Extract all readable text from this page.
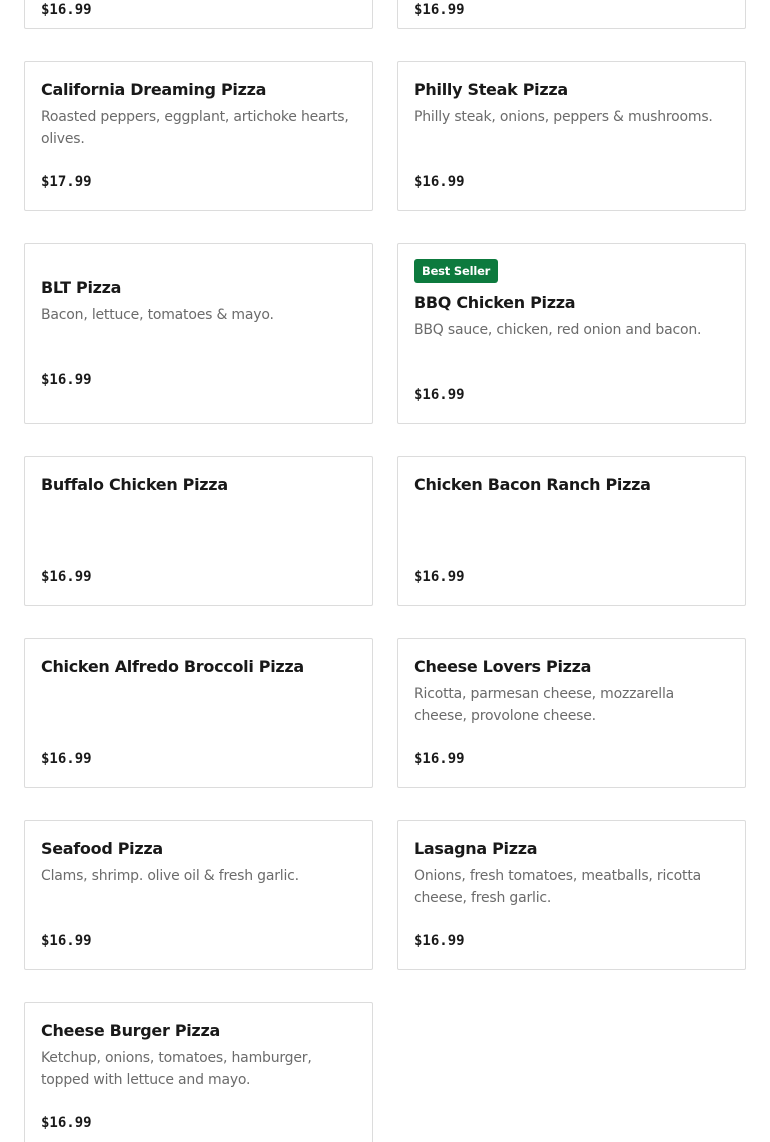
$16.99	$16.99
California Dreaming Pizza

Roasted peppers, eggplant, artichoke hearts, olives.

$17.99
Philly Steak Pizza

Philly steak, onions, peppers & mushrooms.

$16.99
BLT Pizza

Bacon, lettuce, tomatoes & mayo.

$16.99
Best Seller
BBQ Chicken Pizza

BBQ sauce, chicken, red onion and bacon.

$16.99
Buffalo Chicken Pizza
$16.99
Chicken Bacon Ranch Pizza
$16.99
Chicken Alfredo Broccoli Pizza
$16.99
Cheese Lovers Pizza

Ricotta, parmesan cheese, mozzarella cheese, provolone cheese.

$16.99
Seafood Pizza

Clams, shrimp. olive oil & fresh garlic.

$16.99
Lasagna Pizza

Onions, fresh tomatoes, meatballs, ricotta cheese, fresh garlic.

$16.99
Cheese Burger Pizza

Ketchup, onions, tomatoes, hamburger, topped with lettuce and mayo.

$16.99
